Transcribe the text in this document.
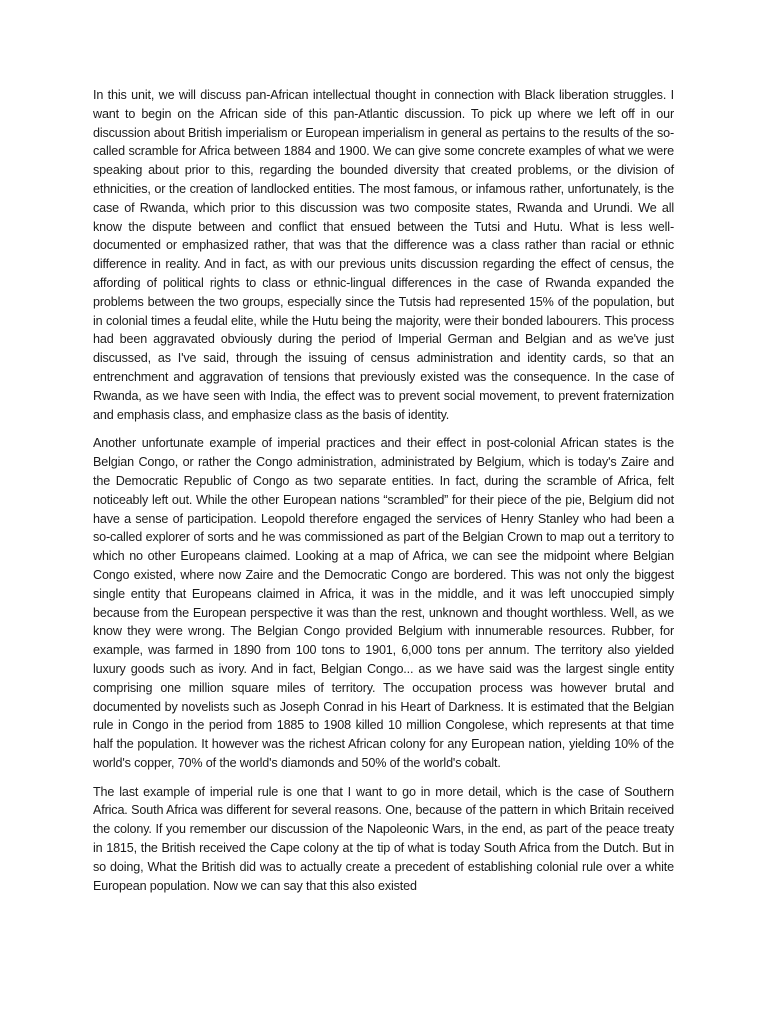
In this unit, we will discuss pan-African intellectual thought in connection with Black liberation struggles. I want to begin on the African side of this pan-Atlantic discussion. To pick up where we left off in our discussion about British imperialism or European imperialism in general as pertains to the results of the so-called scramble for Africa between 1884 and 1900. We can give some concrete examples of what we were speaking about prior to this, regarding the bounded diversity that created problems, or the division of ethnicities, or the creation of landlocked entities. The most famous, or infamous rather, unfortunately, is the case of Rwanda, which prior to this discussion was two composite states, Rwanda and Urundi. We all know the dispute between and conflict that ensued between the Tutsi and Hutu. What is less well-documented or emphasized rather, that was that the difference was a class rather than racial or ethnic difference in reality. And in fact, as with our previous units discussion regarding the effect of census, the affording of political rights to class or ethnic-lingual differences in the case of Rwanda expanded the problems between the two groups, especially since the Tutsis had represented 15% of the population, but in colonial times a feudal elite, while the Hutu being the majority, were their bonded labourers. This process had been aggravated obviously during the period of Imperial German and Belgian and as we've just discussed, as I've said, through the issuing of census administration and identity cards, so that an entrenchment and aggravation of tensions that previously existed was the consequence. In the case of Rwanda, as we have seen with India, the effect was to prevent social movement, to prevent fraternization and emphasis class, and emphasize class as the basis of identity.

Another unfortunate example of imperial practices and their effect in post-colonial African states is the Belgian Congo, or rather the Congo administration, administrated by Belgium, which is today's Zaire and the Democratic Republic of Congo as two separate entities. In fact, during the scramble of Africa, felt noticeably left out. While the other European nations “scrambled” for their piece of the pie, Belgium did not have a sense of participation. Leopold therefore engaged the services of Henry Stanley who had been a so-called explorer of sorts and he was commissioned as part of the Belgian Crown to map out a territory to which no other Europeans claimed. Looking at a map of Africa, we can see the midpoint where Belgian Congo existed, where now Zaire and the Democratic Congo are bordered. This was not only the biggest single entity that Europeans claimed in Africa, it was in the middle, and it was left unoccupied simply because from the European perspective it was than the rest, unknown and thought worthless. Well, as we know they were wrong. The Belgian Congo provided Belgium with innumerable resources. Rubber, for example, was farmed in 1890 from 100 tons to 1901, 6,000 tons per annum. The territory also yielded luxury goods such as ivory. And in fact, Belgian Congo... as we have said was the largest single entity comprising one million square miles of territory. The occupation process was however brutal and documented by novelists such as Joseph Conrad in his Heart of Darkness. It is estimated that the Belgian rule in Congo in the period from 1885 to 1908 killed 10 million Congolese, which represents at that time half the population. It however was the richest African colony for any European nation, yielding 10% of the world's copper, 70% of the world's diamonds and 50% of the world's cobalt.

The last example of imperial rule is one that I want to go in more detail, which is the case of Southern Africa. South Africa was different for several reasons. One, because of the pattern in which Britain received the colony. If you remember our discussion of the Napoleonic Wars, in the end, as part of the peace treaty in 1815, the British received the Cape colony at the tip of what is today South Africa from the Dutch. But in so doing, What the British did was to actually create a precedent of establishing colonial rule over a white European population. Now we can say that this also existed
